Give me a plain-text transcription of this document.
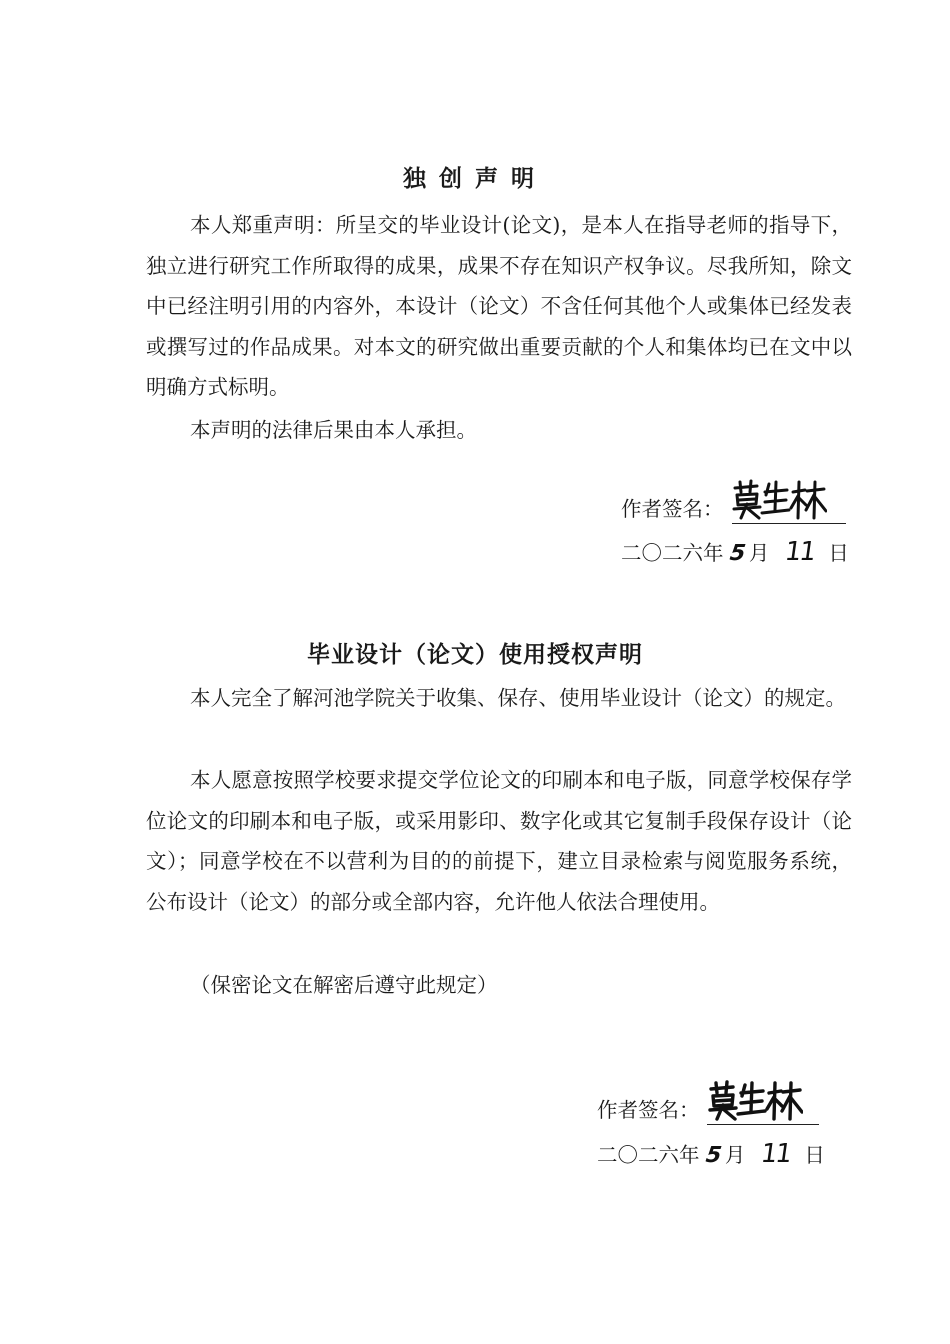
独创声明

本人郑重声明：所呈交的毕业设计(论文)，是本人在指导老师的指导下，独立进行研究工作所取得的成果，成果不存在知识产权争议。尽我所知，除文中已经注明引用的内容外，本设计（论文）不含任何其他个人或集体已经发表或撰写过的作品成果。对本文的研究做出重要贡献的个人和集体均已在文中以明确方式标明。

本声明的法律后果由本人承担。

作者签名：
二〇二六年 5 月 11 日
毕业设计（论文）使用授权声明

本人完全了解河池学院关于收集、保存、使用毕业设计（论文）的规定。

本人愿意按照学校要求提交学位论文的印刷本和电子版，同意学校保存学位论文的印刷本和电子版，或采用影印、数字化或其它复制手段保存设计（论文）；同意学校在不以营利为目的的前提下，建立目录检索与阅览服务系统，公布设计（论文）的部分或全部内容，允许他人依法合理使用。

（保密论文在解密后遵守此规定）

作者签名：
二〇二六年 5 月 11 日
